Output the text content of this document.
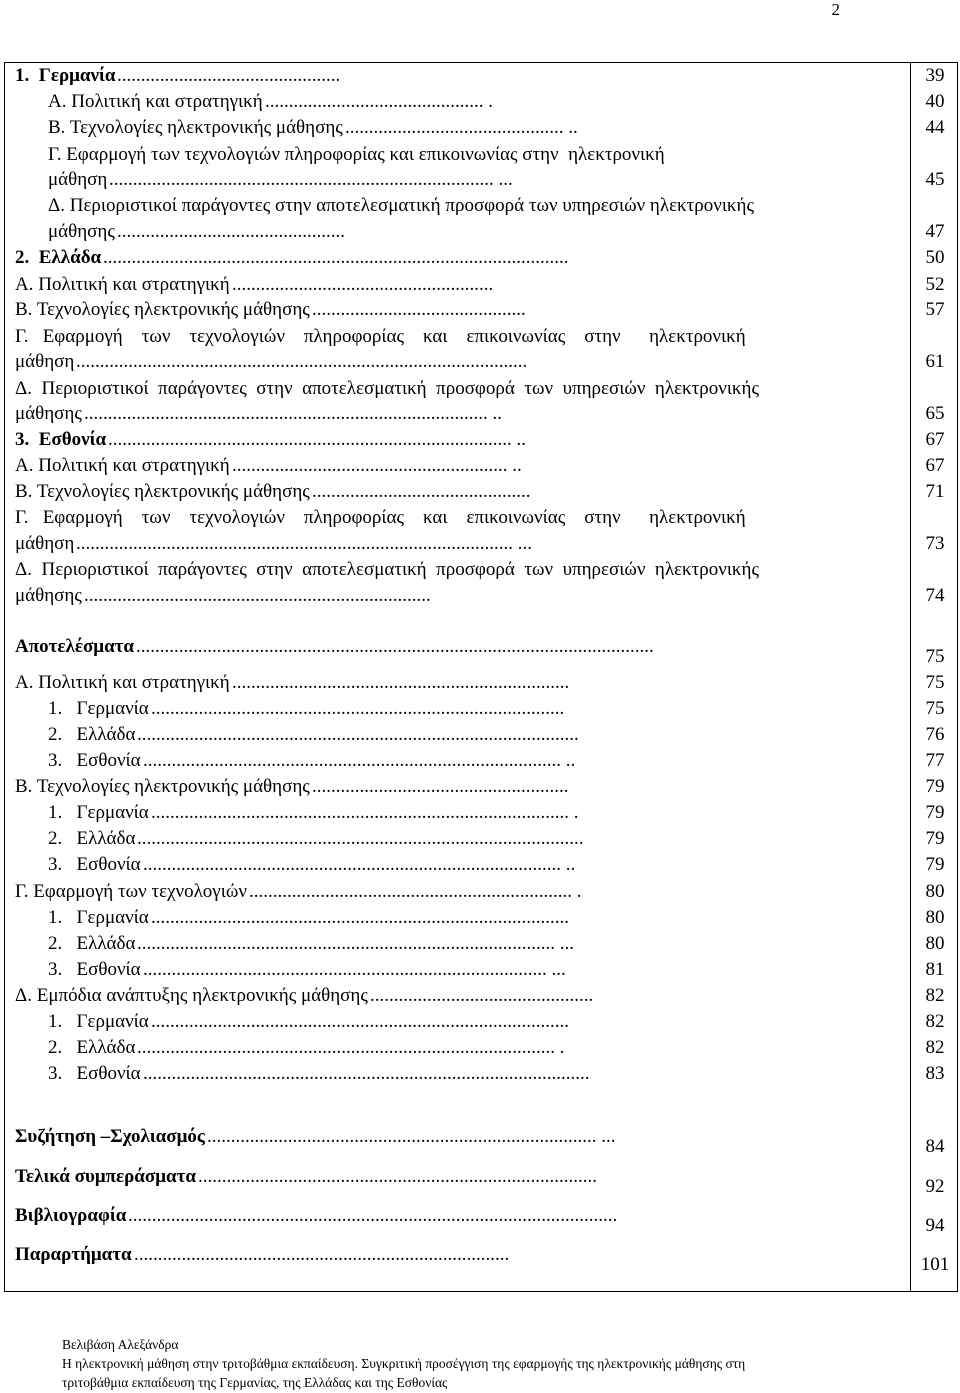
2
1.  Γερμανία ...............................................	39
Α. Πολιτική και στρατηγική .............................................. .	40
Β. Τεχνολογίες ηλεκτρονικής μάθησης .............................................. ..	44
Γ. Εφαρμογή των τεχνολογιών πληροφορίας και επικοινωνίας στην  ηλεκτρονική
μάθηση ................................................................................. ...	45
Δ. Περιοριστικοί παράγοντες στην αποτελεσματική προσφορά των υπηρεσιών ηλεκτρονικής
μάθησης ................................................	47
2.  Ελλάδα ..................................................................................................	50
Α. Πολιτική και στρατηγική .......................................................	52
Β. Τεχνολογίες ηλεκτρονικής μάθησης .............................................	57
Γ.   Εφαρμογή    των    τεχνολογιών    πληροφορίας    και    επικοινωνίας    στην      ηλεκτρονική
μάθηση ...............................................................................................	61
Δ.  Περιοριστικοί  παράγοντες  στην  αποτελεσματική  προσφορά  των  υπηρεσιών  ηλεκτρονικής
μάθησης ..................................................................................... ..	65
3.  Εσθονία ..................................................................................... ..	67
Α. Πολιτική και στρατηγική .......................................................... ..	67
Β. Τεχνολογίες ηλεκτρονικής μάθησης ..............................................	71
Γ.   Εφαρμογή    των    τεχνολογιών    πληροφορίας    και    επικοινωνίας    στην      ηλεκτρονική
μάθηση ............................................................................................ ...	73
Δ.  Περιοριστικοί  παράγοντες  στην  αποτελεσματική  προσφορά  των  υπηρεσιών  ηλεκτρονικής
μάθησης .........................................................................	74
Αποτελέσματα .............................................................................................................	75
Α. Πολιτική και στρατηγική .......................................................................	75
1.   Γερμανία .......................................................................................	75
2.   Ελλάδα .............................................................................................	76
3.   Εσθονία ........................................................................................ ..	77
Β. Τεχνολογίες ηλεκτρονικής μάθησης ......................................................	79
1.   Γερμανία ........................................................................................ .	79
2.   Ελλάδα ..............................................................................................	79
3.   Εσθονία ........................................................................................ ..	79
Γ. Εφαρμογή των τεχνολογιών .................................................................... .	80
1.   Γερμανία ........................................................................................	80
2.   Ελλάδα ........................................................................................ ...	80
3.   Εσθονία ..................................................................................... ...	81
Δ. Εμπόδια ανάπτυξης ηλεκτρονικής μάθησης ...............................................	82
1.   Γερμανία ........................................................................................	82
2.   Ελλάδα ........................................................................................ .	82
3.   Εσθονία ..............................................................................................	83
Συζήτηση –Σχολιασμός .................................................................................. ...	84
Τελικά συμπεράσματα ....................................................................................	92
Βιβλιογραφία .......................................................................................................	94
Παραρτήματα ...............................................................................	101
Βελιβάση Αλεξάνδρα
Η ηλεκτρονική μάθηση στην τριτοβάθμια εκπαίδευση. Συγκριτική προσέγγιση της εφαρμογής της ηλεκτρονικής μάθησης στη
τριτοβάθμια εκπαίδευση της Γερμανίας, της Ελλάδας και της Εσθονίας
